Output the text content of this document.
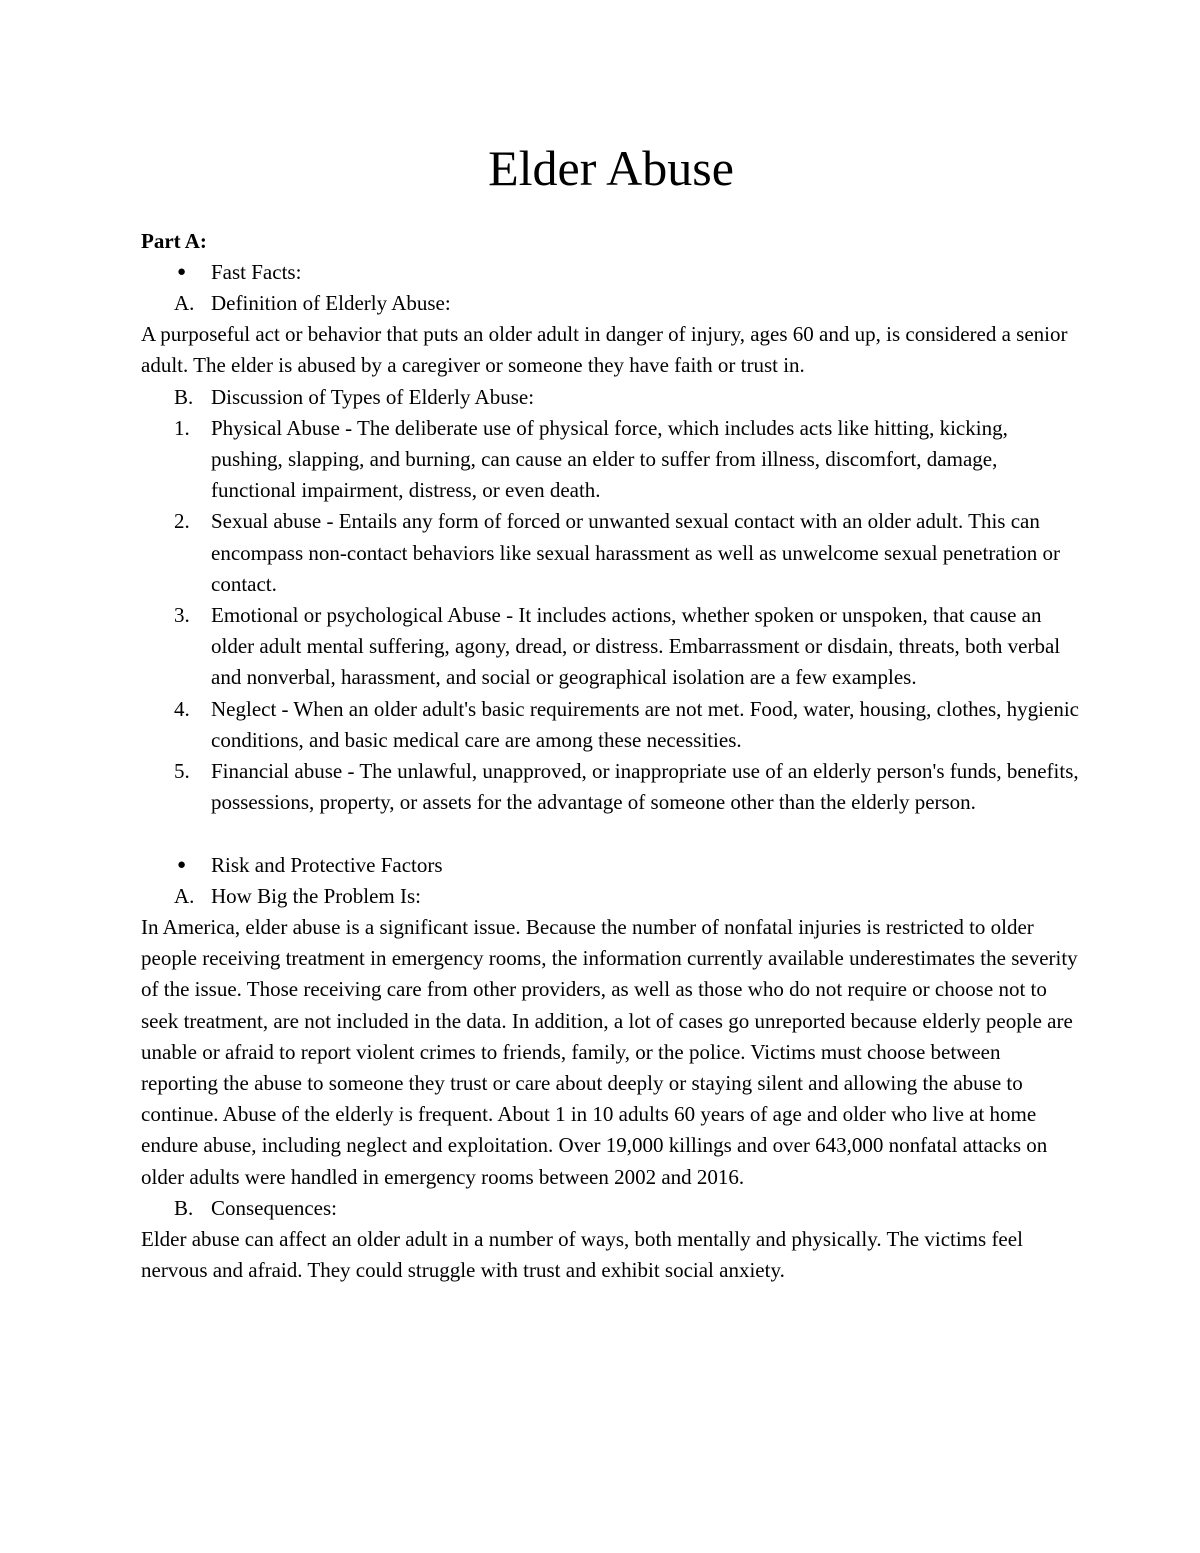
Elder Abuse
Part A:
● Fast Facts:
A. Definition of Elderly Abuse:
A purposeful act or behavior that puts an older adult in danger of injury, ages 60 and up, is considered a senior adult. The elder is abused by a caregiver or someone they have faith or trust in.
B. Discussion of Types of Elderly Abuse:
1. Physical Abuse - The deliberate use of physical force, which includes acts like hitting, kicking, pushing, slapping, and burning, can cause an elder to suffer from illness, discomfort, damage, functional impairment, distress, or even death.
2. Sexual abuse - Entails any form of forced or unwanted sexual contact with an older adult. This can encompass non-contact behaviors like sexual harassment as well as unwelcome sexual penetration or contact.
3. Emotional or psychological Abuse - It includes actions, whether spoken or unspoken, that cause an older adult mental suffering, agony, dread, or distress. Embarrassment or disdain, threats, both verbal and nonverbal, harassment, and social or geographical isolation are a few examples.
4. Neglect - When an older adult's basic requirements are not met. Food, water, housing, clothes, hygienic conditions, and basic medical care are among these necessities.
5. Financial abuse - The unlawful, unapproved, or inappropriate use of an elderly person's funds, benefits, possessions, property, or assets for the advantage of someone other than the elderly person.
● Risk and Protective Factors
A. How Big the Problem Is:
In America, elder abuse is a significant issue. Because the number of nonfatal injuries is restricted to older people receiving treatment in emergency rooms, the information currently available underestimates the severity of the issue. Those receiving care from other providers, as well as those who do not require or choose not to seek treatment, are not included in the data. In addition, a lot of cases go unreported because elderly people are unable or afraid to report violent crimes to friends, family, or the police. Victims must choose between reporting the abuse to someone they trust or care about deeply or staying silent and allowing the abuse to continue. Abuse of the elderly is frequent. About 1 in 10 adults 60 years of age and older who live at home endure abuse, including neglect and exploitation. Over 19,000 killings and over 643,000 nonfatal attacks on older adults were handled in emergency rooms between 2002 and 2016.
B. Consequences:
Elder abuse can affect an older adult in a number of ways, both mentally and physically. The victims feel nervous and afraid. They could struggle with trust and exhibit social anxiety.
